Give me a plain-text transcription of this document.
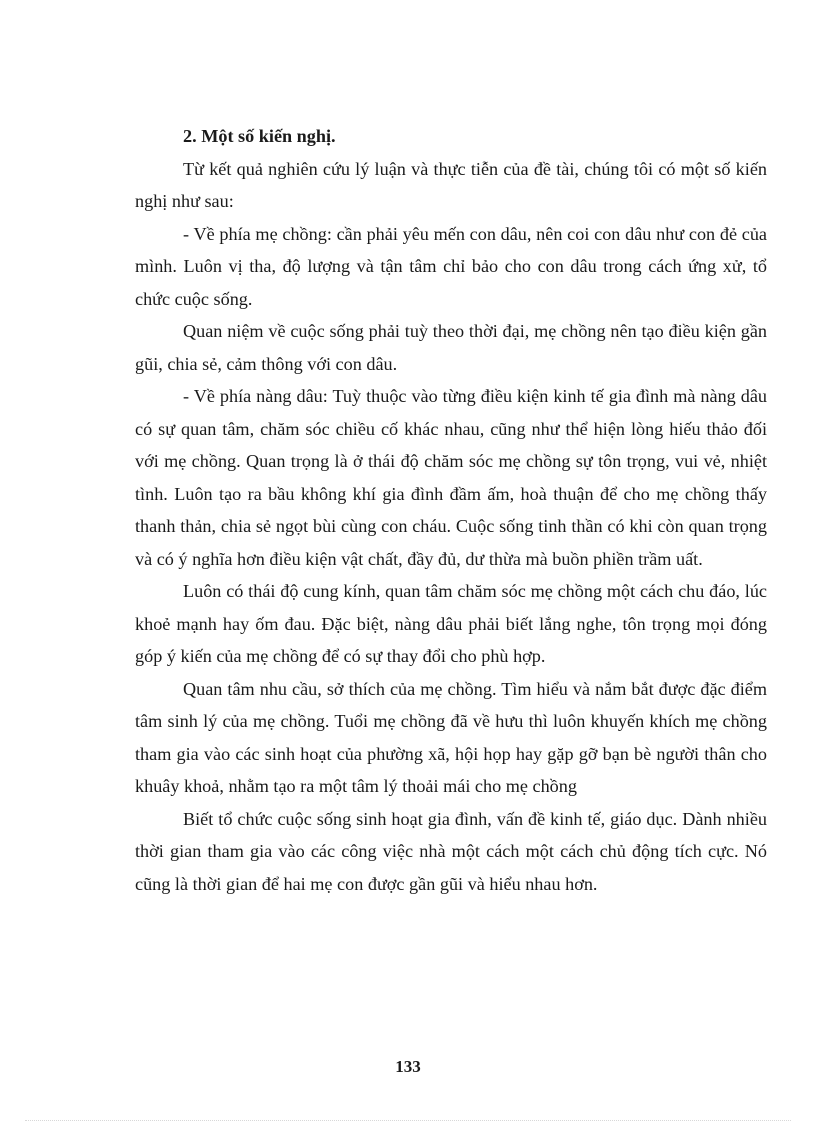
2. Một số kiến nghị.

Từ kết quả nghiên cứu lý luận và thực tiễn của đề tài, chúng tôi có một số kiến nghị như sau:

- Về phía mẹ chồng: cần phải yêu mến con dâu, nên coi con dâu như con đẻ của mình. Luôn vị tha, độ lượng và tận tâm chỉ bảo cho con dâu trong cách ứng xử, tổ chức cuộc sống.

Quan niệm về cuộc sống phải tuỳ theo thời đại, mẹ chồng nên tạo điều kiện gần gũi, chia sẻ, cảm thông với con dâu.

- Về phía nàng dâu: Tuỳ thuộc vào từng điều kiện kinh tế gia đình mà nàng dâu có sự quan tâm, chăm sóc chiều cố khác nhau, cũng như thể hiện lòng hiếu thảo đối với mẹ chồng. Quan trọng là ở thái độ chăm sóc mẹ chồng sự tôn trọng, vui vẻ, nhiệt tình. Luôn tạo ra bầu không khí gia đình đầm ấm, hoà thuận để cho mẹ chồng thấy thanh thản, chia sẻ ngọt bùi cùng con cháu. Cuộc sống tinh thần có khi còn quan trọng và có ý nghĩa hơn điều kiện vật chất, đầy đủ, dư thừa mà buồn phiền trầm uất.

Luôn có thái độ cung kính, quan tâm chăm sóc mẹ chồng một cách chu đáo, lúc khoẻ mạnh hay ốm đau. Đặc biệt, nàng dâu phải biết lắng nghe, tôn trọng mọi đóng góp ý kiến của mẹ chồng để có sự thay đổi cho phù hợp.

Quan tâm nhu cầu, sở thích của mẹ chồng. Tìm hiểu và nắm bắt được đặc điểm tâm sinh lý của mẹ chồng. Tuổi mẹ chồng đã về hưu thì luôn khuyến khích mẹ chồng tham gia vào các sinh hoạt của phường xã, hội họp hay gặp gỡ bạn bè người thân cho khuây khoả, nhằm tạo ra một tâm lý thoải mái cho mẹ chồng

Biết tổ chức cuộc sống sinh hoạt gia đình, vấn đề kinh tế, giáo dục. Dành nhiều thời gian tham gia vào các công việc nhà một cách một cách chủ động tích cực. Nó cũng là thời gian để hai mẹ con được gần gũi và hiểu nhau hơn.

133
